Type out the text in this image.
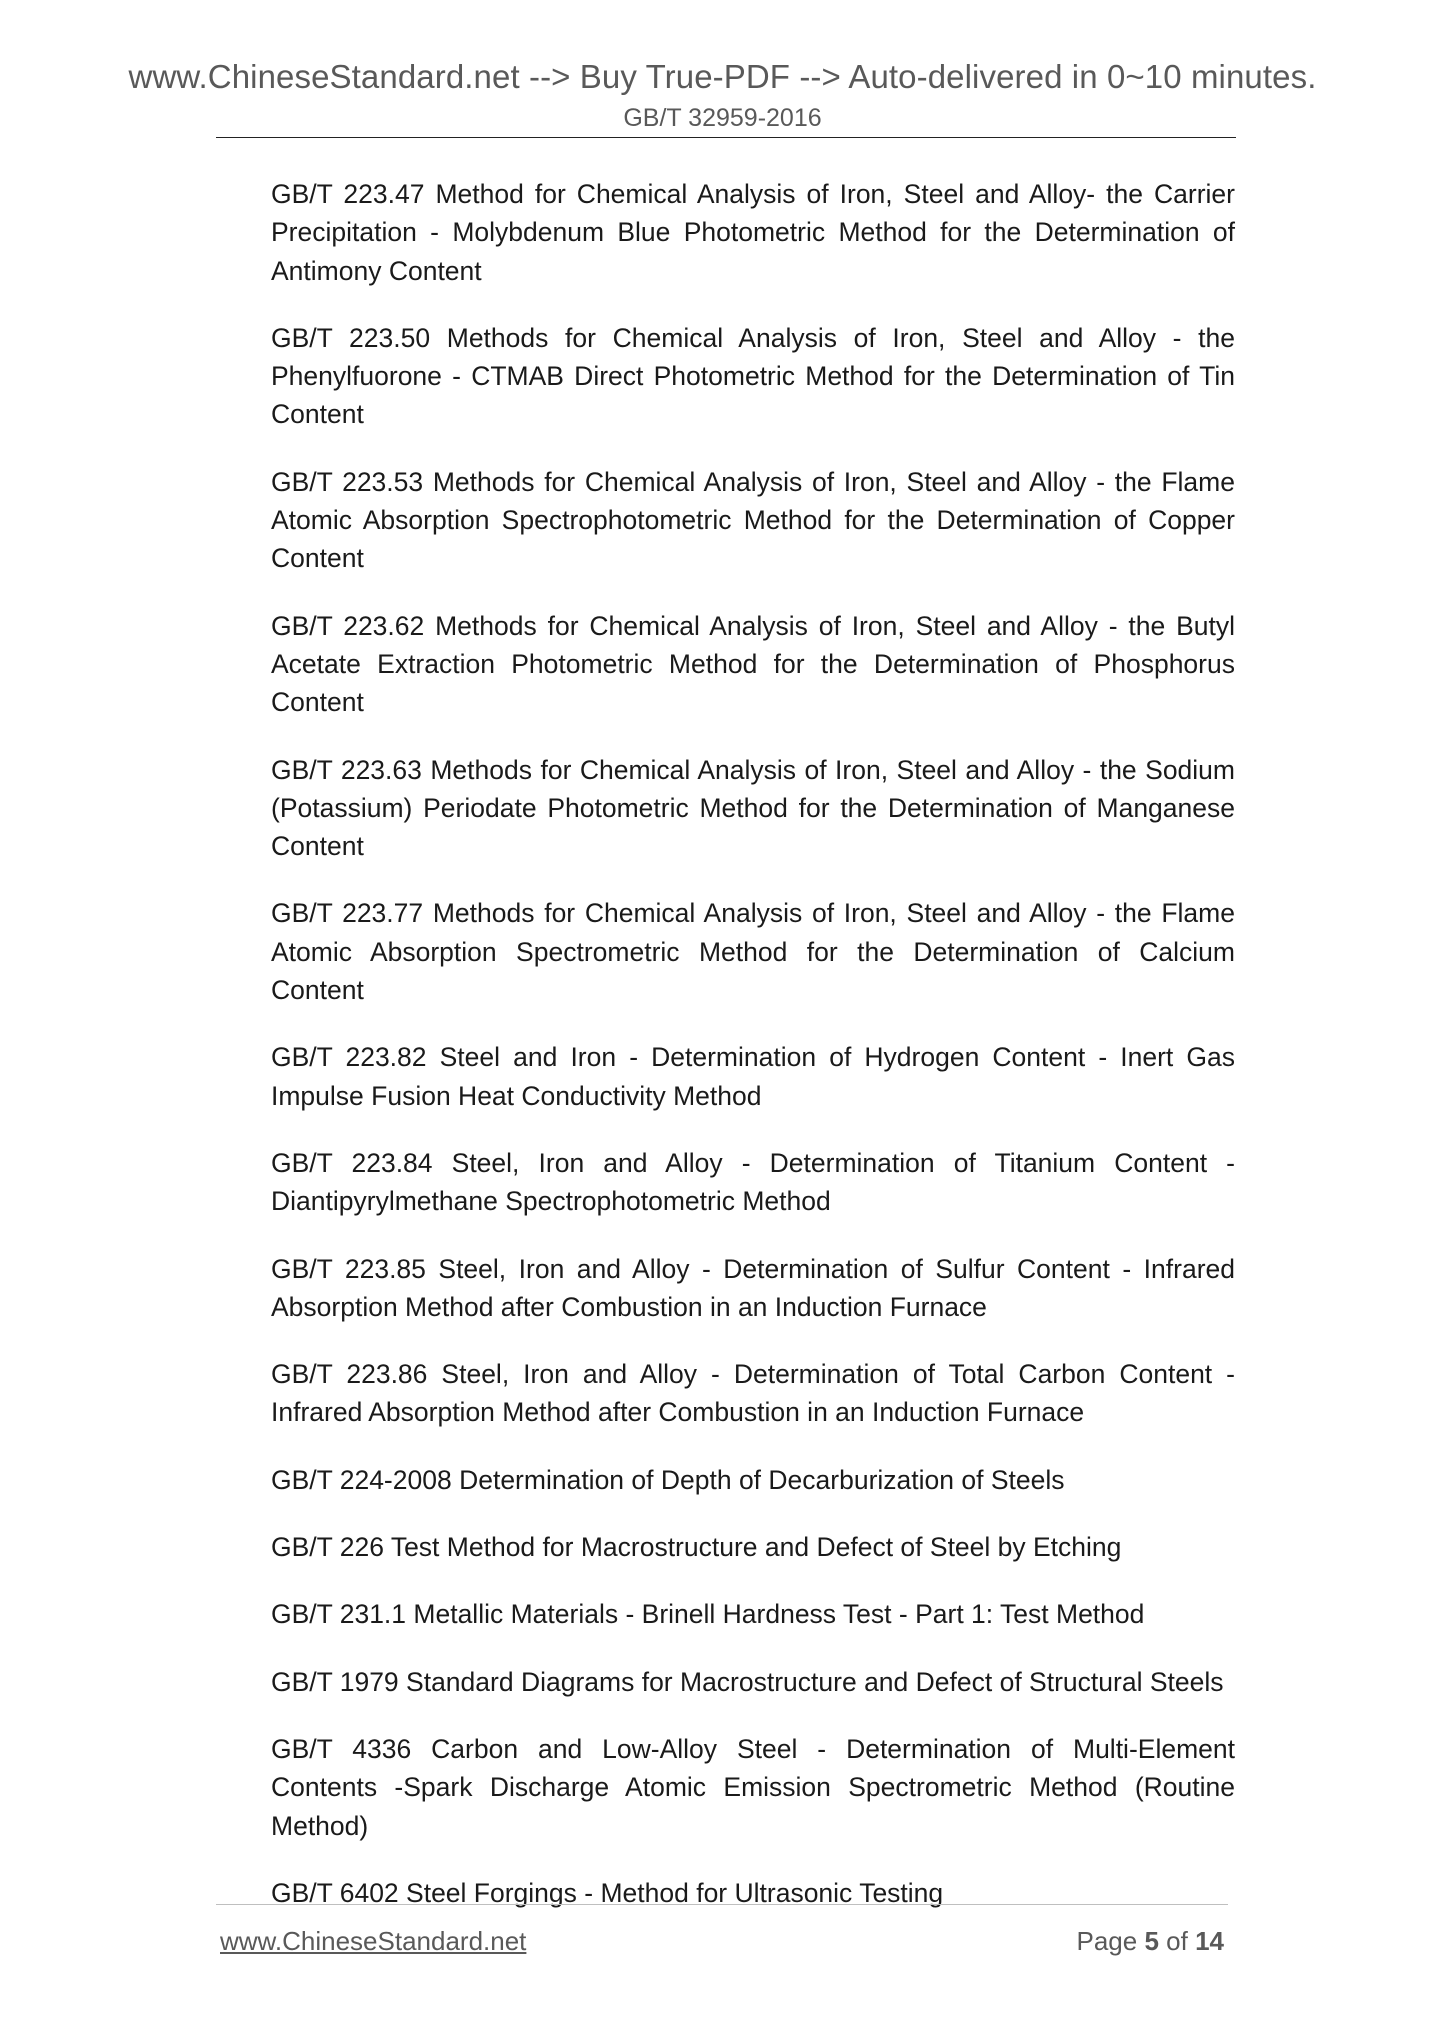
www.ChineseStandard.net --> Buy True-PDF --> Auto-delivered in 0~10 minutes.
GB/T 32959-2016
GB/T 223.47 Method for Chemical Analysis of Iron, Steel and Alloy- the Carrier Precipitation - Molybdenum Blue Photometric Method for the Determination of Antimony Content
GB/T 223.50 Methods for Chemical Analysis of Iron, Steel and Alloy - the Phenylfuorone - CTMAB Direct Photometric Method for the Determination of Tin Content
GB/T 223.53 Methods for Chemical Analysis of Iron, Steel and Alloy - the Flame Atomic Absorption Spectrophotometric Method for the Determination of Copper Content
GB/T 223.62 Methods for Chemical Analysis of Iron, Steel and Alloy - the Butyl Acetate Extraction Photometric Method for the Determination of Phosphorus Content
GB/T 223.63 Methods for Chemical Analysis of Iron, Steel and Alloy - the Sodium (Potassium) Periodate Photometric Method for the Determination of Manganese Content
GB/T 223.77 Methods for Chemical Analysis of Iron, Steel and Alloy - the Flame Atomic Absorption Spectrometric Method for the Determination of Calcium Content
GB/T 223.82 Steel and Iron - Determination of Hydrogen Content - Inert Gas Impulse Fusion Heat Conductivity Method
GB/T 223.84 Steel, Iron and Alloy - Determination of Titanium Content - Diantipyrylmethane Spectrophotometric Method
GB/T 223.85 Steel, Iron and Alloy - Determination of Sulfur Content - Infrared Absorption Method after Combustion in an Induction Furnace
GB/T 223.86 Steel, Iron and Alloy - Determination of Total Carbon Content - Infrared Absorption Method after Combustion in an Induction Furnace
GB/T 224-2008 Determination of Depth of Decarburization of Steels
GB/T 226 Test Method for Macrostructure and Defect of Steel by Etching
GB/T 231.1 Metallic Materials - Brinell Hardness Test - Part 1: Test Method
GB/T 1979 Standard Diagrams for Macrostructure and Defect of Structural Steels
GB/T 4336 Carbon and Low-Alloy Steel - Determination of Multi-Element Contents -Spark Discharge Atomic Emission Spectrometric Method (Routine Method)
GB/T 6402 Steel Forgings - Method for Ultrasonic Testing
www.ChineseStandard.net	Page 5 of 14
